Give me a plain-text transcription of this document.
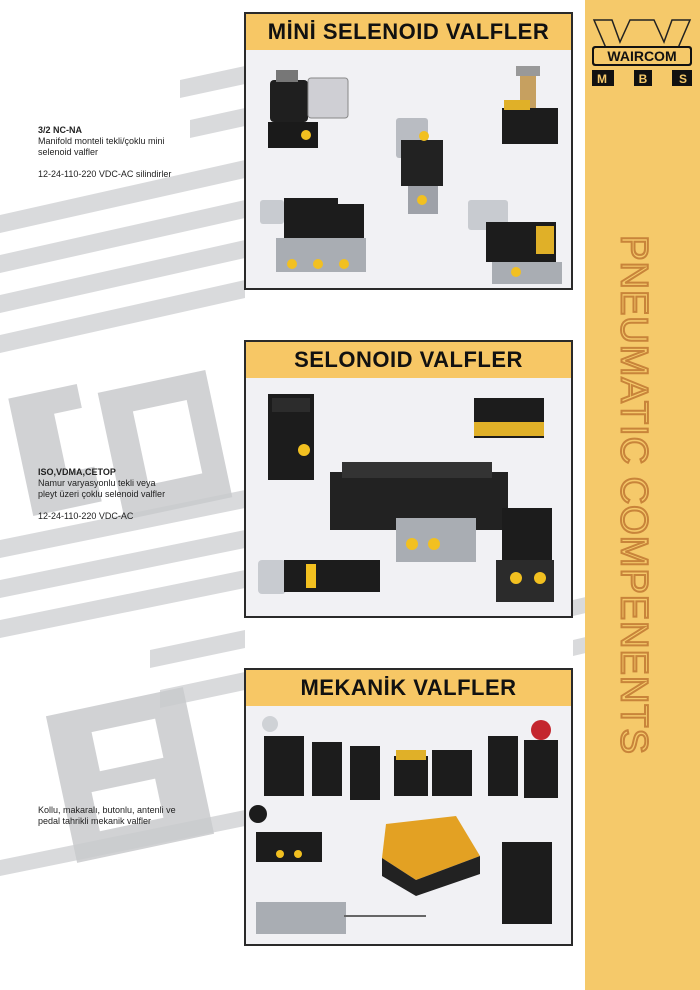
WAIRCOM
M	B	S
PNEUMATIC COMPENENTS
MİNİ SELENOID VALFLER
SELONOID VALFLER
MEKANİK VALFLER
3/2 NC-NA
Manifold monteli tekli/çoklu mini
selenoid valfler
12-24-110-220 VDC-AC silindirler
ISO,VDMA,CETOP
Namur varyasyonlu tekli veya
pleyt üzeri çoklu selenoid valfler
12-24-110-220 VDC-AC
Kollu, makaralı, butonlu, antenli ve
pedal tahrikli mekanik valfler
